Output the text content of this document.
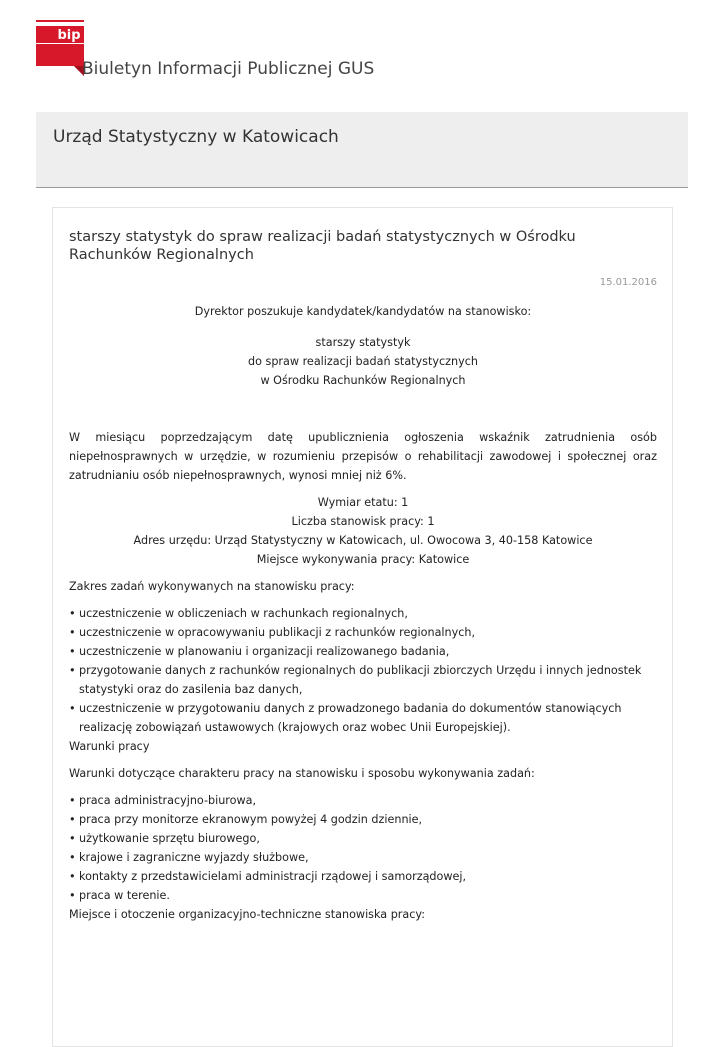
bip
Biuletyn Informacji Publicznej GUS
Urząd Statystyczny w Katowicach
starszy statystyk do spraw realizacji badań statystycznych w Ośrodku Rachunków Regionalnych
15.01.2016

Dyrektor poszukuje kandydatek/kandydatów na stanowisko:

starszy statystyk

do spraw realizacji badań statystycznych

w Ośrodku Rachunków Regionalnych

W miesiącu poprzedzającym datę upublicznienia ogłoszenia wskaźnik zatrudnienia osób niepełnosprawnych w urzędzie, w rozumieniu przepisów o rehabilitacji zawodowej i społecznej oraz zatrudnianiu osób niepełnosprawnych, wynosi mniej niż 6%.

Wymiar etatu: 1

Liczba stanowisk pracy: 1

Adres urzędu: Urząd Statystyczny w Katowicach, ul. Owocowa 3, 40-158 Katowice

Miejsce wykonywania pracy: Katowice

Zakres zadań wykonywanych na stanowisku pracy:

• uczestniczenie w obliczeniach w rachunkach regionalnych,
• uczestniczenie w opracowywaniu publikacji z rachunków regionalnych,
• uczestniczenie w planowaniu i organizacji realizowanego badania,
• przygotowanie danych z rachunków regionalnych do publikacji zbiorczych Urzędu i innych jednostek statystyki oraz do zasilenia baz danych,
• uczestniczenie w przygotowaniu danych z prowadzonego badania do dokumentów stanowiących realizację zobowiązań ustawowych (krajowych oraz wobec Unii Europejskiej).

Warunki pracy

Warunki dotyczące charakteru pracy na stanowisku i sposobu wykonywania zadań:

• praca administracyjno-biurowa,
• praca przy monitorze ekranowym powyżej 4 godzin dziennie,
• użytkowanie sprzętu biurowego,
• krajowe i zagraniczne wyjazdy służbowe,
• kontakty z przedstawicielami administracji rządowej i samorządowej,
• praca w terenie.

Miejsce i otoczenie organizacyjno-techniczne stanowiska pracy:
